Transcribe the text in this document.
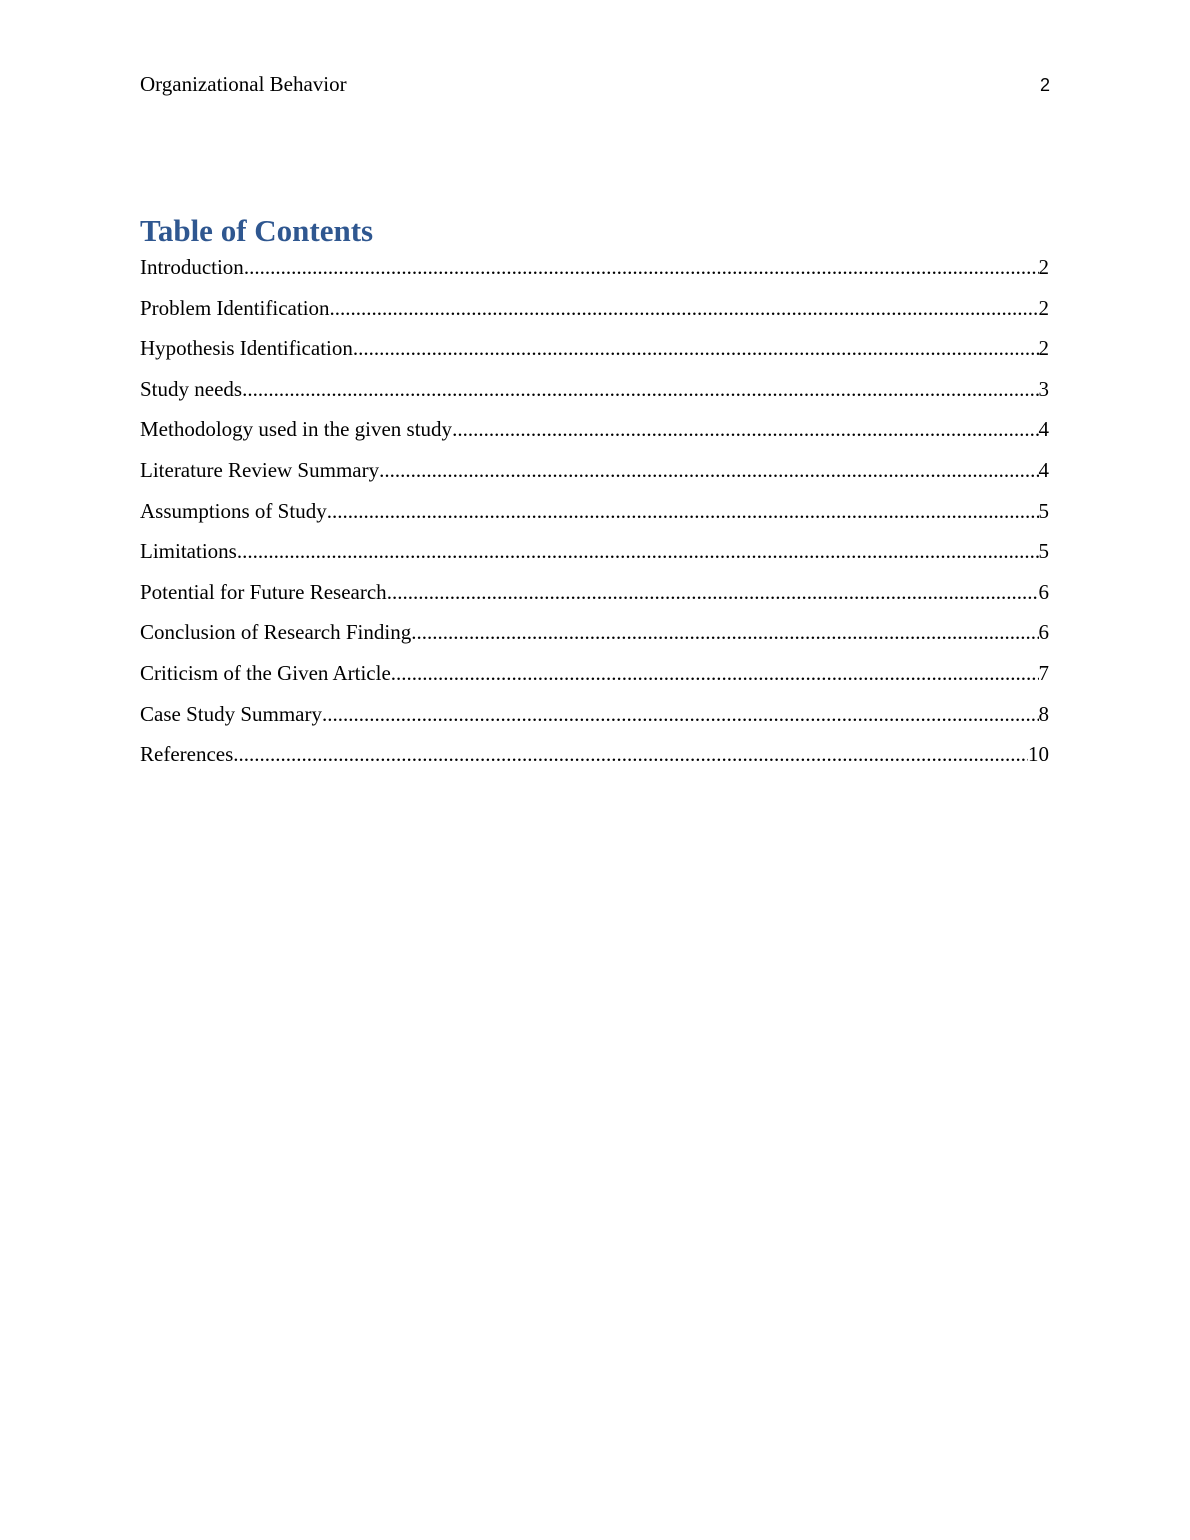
Organizational Behavior	2
Table of Contents
Introduction .....	2
Problem Identification .....	2
Hypothesis Identification .....	2
Study needs .....	3
Methodology used in the given study .....	4
Literature Review Summary .....	4
Assumptions of Study .....	5
Limitations .....	5
Potential for Future Research .....	6
Conclusion of Research Finding .....	6
Criticism of the Given Article .....	7
Case Study Summary .....	8
References .....	10
